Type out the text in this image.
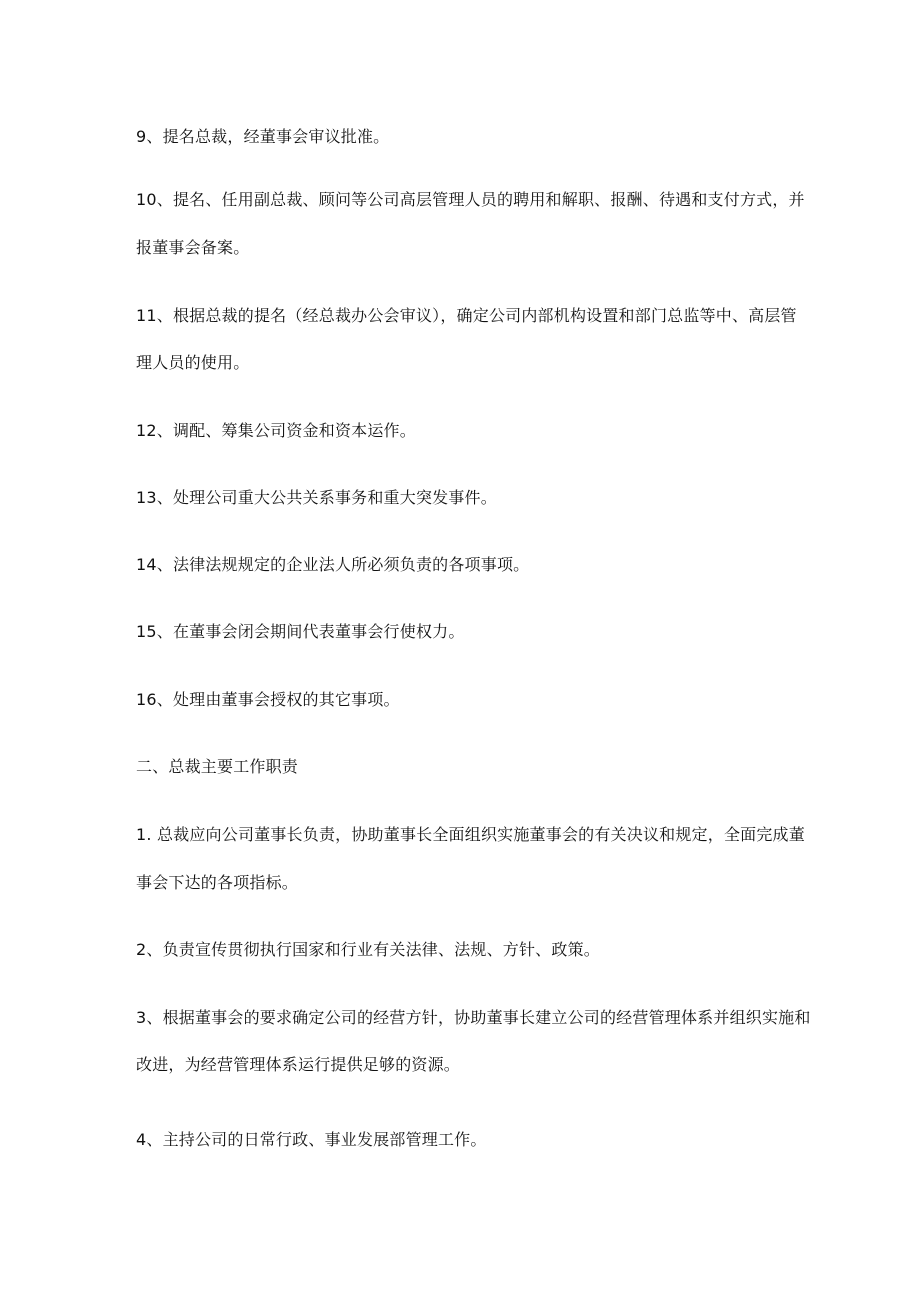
9、提名总裁，经董事会审议批准。
10、提名、任用副总裁、顾问等公司高层管理人员的聘用和解职、报酬、待遇和支付方式，并
报董事会备案。
11、根据总裁的提名（经总裁办公会审议），确定公司内部机构设置和部门总监等中、高层管
理人员的使用。
12、调配、筹集公司资金和资本运作。
13、处理公司重大公共关系事务和重大突发事件。
14、法律法规规定的企业法人所必须负责的各项事项。
15、在董事会闭会期间代表董事会行使权力。
16、处理由董事会授权的其它事项。
二、总裁主要工作职责
1. 总裁应向公司董事长负责，协助董事长全面组织实施董事会的有关决议和规定，全面完成董
事会下达的各项指标。
2、负责宣传贯彻执行国家和行业有关法律、法规、方针、政策。
3、根据董事会的要求确定公司的经营方针，协助董事长建立公司的经营管理体系并组织实施和
改进，为经营管理体系运行提供足够的资源。
4、主持公司的日常行政、事业发展部管理工作。
